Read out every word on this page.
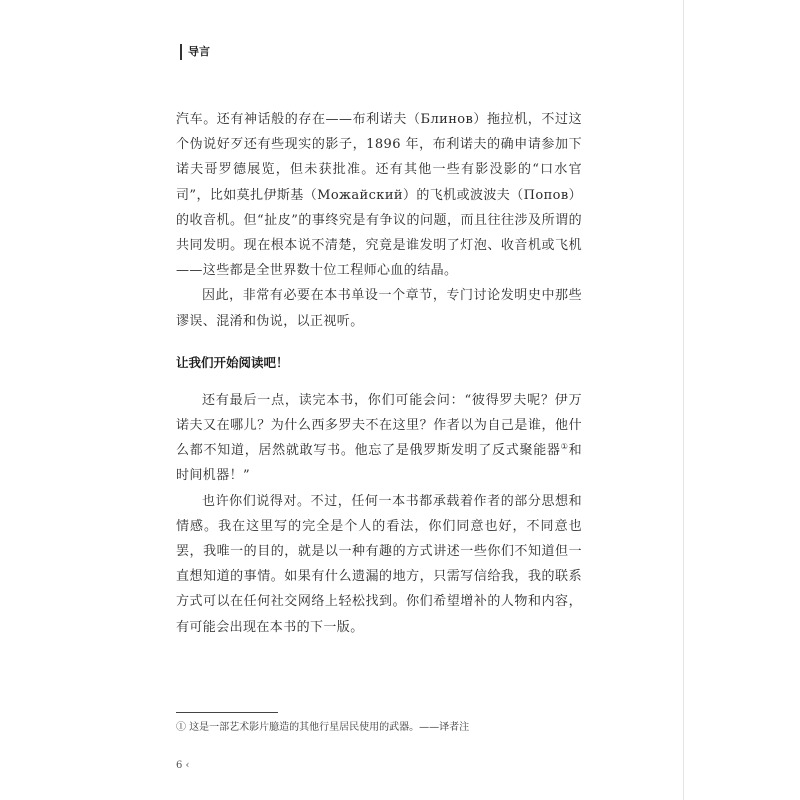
导言

汽车。还有神话般的存在——布利诺夫（Блинов）拖拉机，不过这个伪说好歹还有些现实的影子，1896 年，布利诺夫的确申请参加下诺夫哥罗德展览，但未获批准。还有其他一些有影没影的“口水官司”，比如莫扎伊斯基（Можайский）的飞机或波波夫（Попов）的收音机。但“扯皮”的事终究是有争议的问题，而且往往涉及所谓的共同发明。现在根本说不清楚，究竟是谁发明了灯泡、收音机或飞机——这些都是全世界数十位工程师心血的结晶。

因此，非常有必要在本书单设一个章节，专门讨论发明史中那些谬误、混淆和伪说，以正视听。

让我们开始阅读吧！

还有最后一点，读完本书，你们可能会问：“彼得罗夫呢？伊万诺夫又在哪儿？为什么西多罗夫不在这里？作者以为自己是谁，他什么都不知道，居然就敢写书。他忘了是俄罗斯发明了反式聚能器①和时间机器！”

也许你们说得对。不过，任何一本书都承载着作者的部分思想和情感。我在这里写的完全是个人的看法，你们同意也好，不同意也罢，我唯一的目的，就是以一种有趣的方式讲述一些你们不知道但一直想知道的事情。如果有什么遗漏的地方，只需写信给我，我的联系方式可以在任何社交网络上轻松找到。你们希望增补的人物和内容，有可能会出现在本书的下一版。

① 这是一部艺术影片臆造的其他行星居民使用的武器。——译者注
6 ‹
